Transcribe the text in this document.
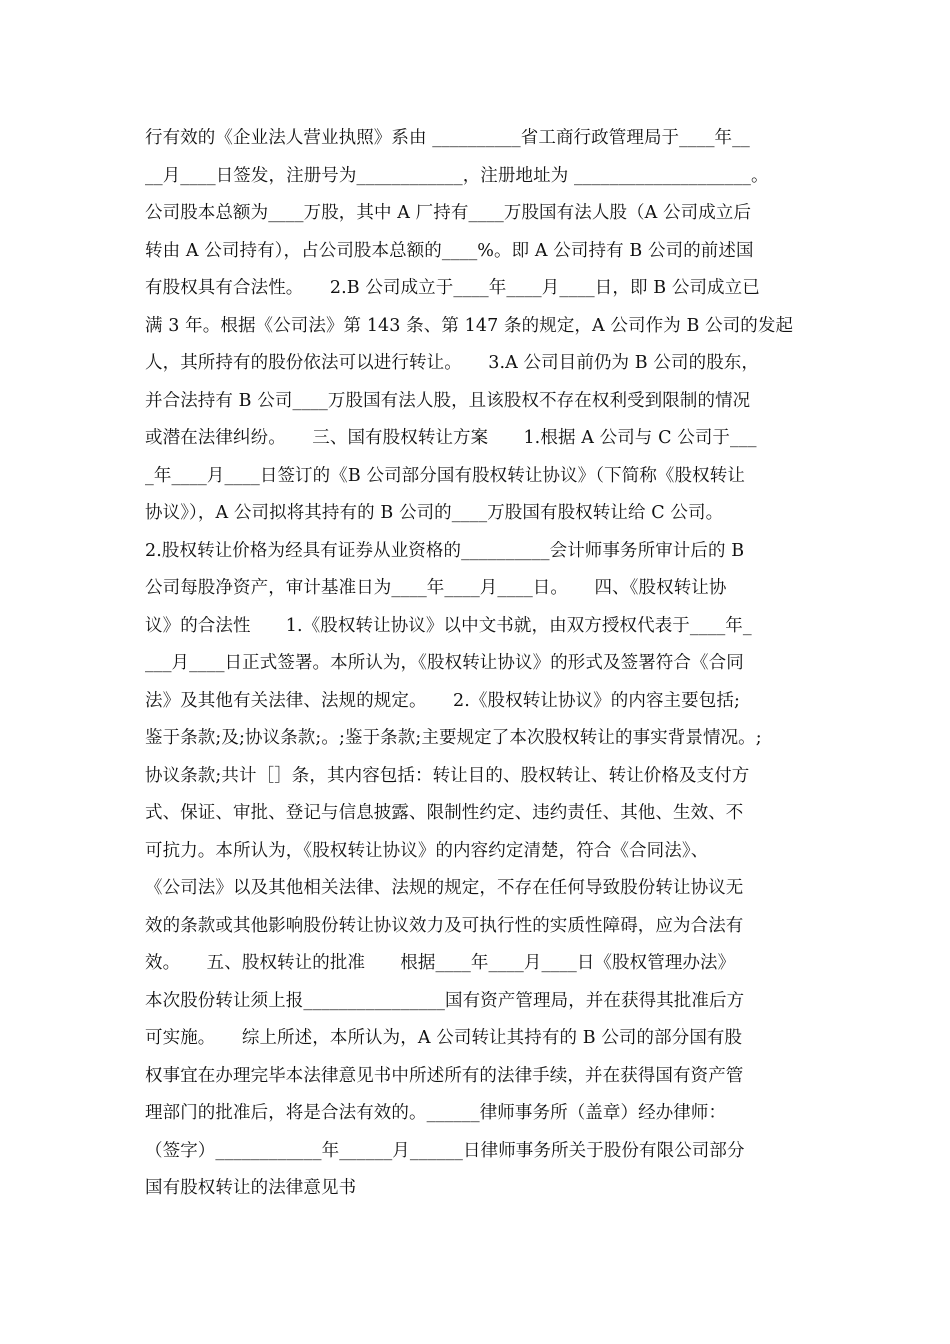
行有效的《企业法人营业执照》系由 __________省工商行政管理局于____年__
__月____日签发，注册号为____________，注册地址为 ____________________。
公司股本总额为____万股，其中 A 厂持有____万股国有法人股（A 公司成立后
转由 A 公司持有），占公司股本总额的____%。即 A 公司持有 B 公司的前述国
有股权具有合法性。　　2.B 公司成立于____年____月____日，即 B 公司成立已
满 3 年。根据《公司法》第 143 条、第 147 条的规定，A 公司作为 B 公司的发起
人，其所持有的股份依法可以进行转让。　　3.A 公司目前仍为 B 公司的股东，
并合法持有 B 公司____万股国有法人股，且该股权不存在权利受到限制的情况
或潜在法律纠纷。　　三、国有股权转让方案　　1.根据 A 公司与 C 公司于___
_年____月____日签订的《B 公司部分国有股权转让协议》（下简称《股权转让
协议》），A 公司拟将其持有的 B 公司的____万股国有股权转让给 C 公司。
2.股权转让价格为经具有证券从业资格的__________会计师事务所审计后的 B
公司每股净资产，审计基准日为____年____月____日。　　四、《股权转让协
议》的合法性　　1.《股权转让协议》以中文书就，由双方授权代表于____年_
___月____日正式签署。本所认为，《股权转让协议》的形式及签署符合《合同
法》及其他有关法律、法规的规定。　　2.《股权转让协议》的内容主要包括;
鉴于条款;及;协议条款;。;鉴于条款;主要规定了本次股权转让的事实背景情况。;
协议条款;共计［］条，其内容包括：转让目的、股权转让、转让价格及支付方
式、保证、审批、登记与信息披露、限制性约定、违约责任、其他、生效、不
可抗力。本所认为，《股权转让协议》的内容约定清楚，符合《合同法》、
《公司法》以及其他相关法律、法规的规定，不存在任何导致股份转让协议无
效的条款或其他影响股份转让协议效力及可执行性的实质性障碍，应为合法有
效。　　五、股权转让的批准　　根据____年____月____日《股权管理办法》
本次股份转让须上报________________国有资产管理局，并在获得其批准后方
可实施。　　综上所述，本所认为，A 公司转让其持有的 B 公司的部分国有股
权事宜在办理完毕本法律意见书中所述所有的法律手续，并在获得国有资产管
理部门的批准后，将是合法有效的。______律师事务所（盖章）经办律师：
（签字）____________年______月______日律师事务所关于股份有限公司部分
国有股权转让的法律意见书
